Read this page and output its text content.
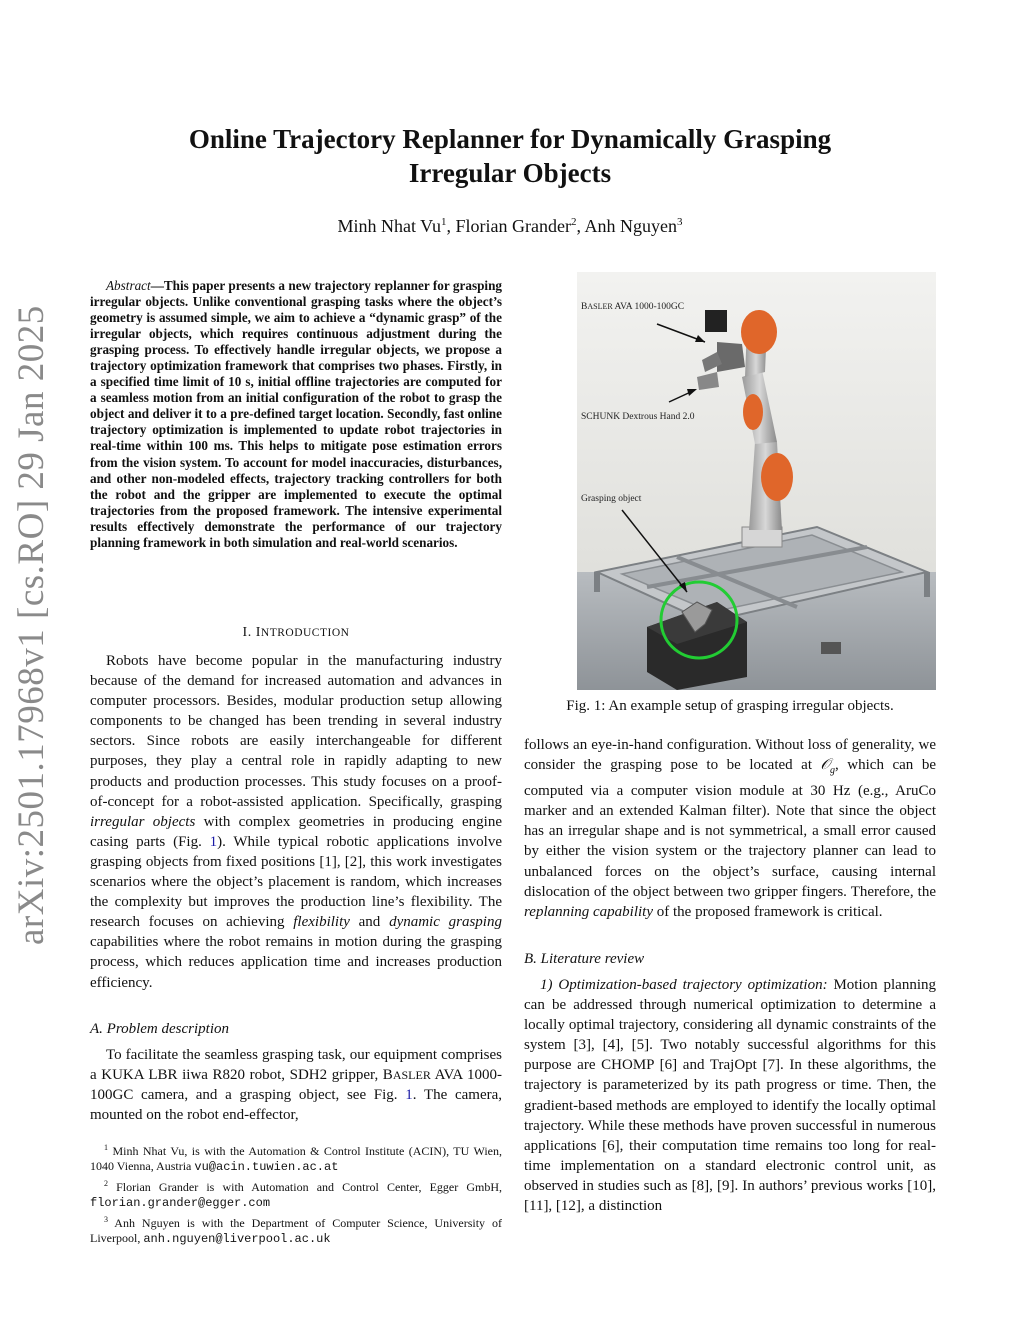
arXiv:2501.17968v1 [cs.RO] 29 Jan 2025
Online Trajectory Replanner for Dynamically Grasping
Irregular Objects
Minh Nhat Vu$^1$, Florian Grander$^2$, Anh Nguyen$^3$
Abstract—This paper presents a new trajectory replanner for grasping irregular objects. Unlike conventional grasping tasks where the object’s geometry is assumed simple, we aim to achieve a “dynamic grasp” of the irregular objects, which requires continuous adjustment during the grasping process. To effectively handle irregular objects, we propose a trajectory optimization framework that comprises two phases. Firstly, in a specified time limit of 10 s, initial offline trajectories are computed for a seamless motion from an initial configuration of the robot to grasp the object and deliver it to a pre-defined target location. Secondly, fast online trajectory optimization is implemented to update robot trajectories in real-time within 100 ms. This helps to mitigate pose estimation errors from the vision system. To account for model inaccuracies, disturbances, and other non-modeled effects, trajectory tracking controllers for both the robot and the gripper are implemented to execute the optimal trajectories from the proposed framework. The intensive experimental results effectively demonstrate the performance of our trajectory planning framework in both simulation and real-world scenarios.
I. INTRODUCTION

Robots have become popular in the manufacturing industry because of the demand for increased automation and advances in computer processors. Besides, modular production setup allowing components to be changed has been trending in several industry sectors. Since robots are easily interchangeable for different purposes, they play a central role in rapidly adapting to new products and production processes. This study focuses on a proof-of-concept for a robot-assisted application. Specifically, grasping irregular objects with complex geometries in producing engine casing parts (Fig. 1). While typical robotic applications involve grasping objects from fixed positions [1], [2], this work investigates scenarios where the object’s placement is random, which increases the complexity but improves the production line’s flexibility. The research focuses on achieving flexibility and dynamic grasping capabilities where the robot remains in motion during the grasping process, which reduces application time and increases production efficiency.

A. Problem description

To facilitate the seamless grasping task, our equipment comprises a KUKA LBR iiwa R820 robot, SDH2 gripper, BASLER AVA 1000-100GC camera, and a grasping object, see Fig. 1. The camera, mounted on the robot end-effector,

$^1$ Minh Nhat Vu, is with the Automation & Control Institute (ACIN), TU Wien, 1040 Vienna, Austria vu@acin.tuwien.ac.at

$^2$ Florian Grander is with Automation and Control Center, Egger GmbH, florian.grander@egger.com

$^3$ Anh Nguyen is with the Department of Computer Science, University of Liverpool, anh.nguyen@liverpool.ac.uk

BASLER AVA 1000-100GC
SCHUNK Dextrous Hand 2.0
Grasping object
Fig. 1: An example setup of grasping irregular objects.

follows an eye-in-hand configuration. Without loss of generality, we consider the grasping pose to be located at 𝒪$_g$, which can be computed via a computer vision module at 30 Hz (e.g., AruCo marker and an extended Kalman filter). Note that since the object has an irregular shape and is not symmetrical, a small error caused by either the vision system or the trajectory planner can lead to unbalanced forces on the object’s surface, causing internal dislocation of the object between two gripper fingers. Therefore, the replanning capability of the proposed framework is critical.

B. Literature review

1) Optimization-based trajectory optimization: Motion planning can be addressed through numerical optimization to determine a locally optimal trajectory, considering all dynamic constraints of the system [3], [4], [5]. Two notably successful algorithms for this purpose are CHOMP [6] and TrajOpt [7]. In these algorithms, the trajectory is parameterized by its path progress or time. Then, the gradient-based methods are employed to identify the locally optimal trajectory. While these methods have proven successful in numerous applications [6], their computation time remains too long for real-time implementation on a standard electronic control unit, as observed in studies such as [8], [9]. In authors’ previous works [10], [11], [12], a distinction
